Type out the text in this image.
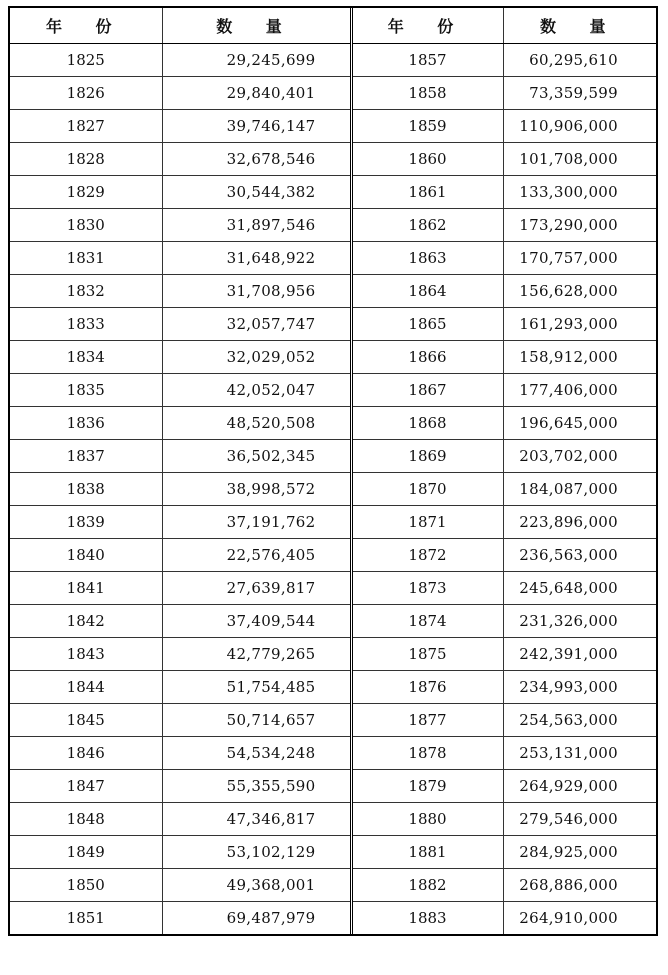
年 份	数 量	年 份	数 量
1825	29,245,699	1857	60,295,610
1826	29,840,401	1858	73,359,599
1827	39,746,147	1859	110,906,000
1828	32,678,546	1860	101,708,000
1829	30,544,382	1861	133,300,000
1830	31,897,546	1862	173,290,000
1831	31,648,922	1863	170,757,000
1832	31,708,956	1864	156,628,000
1833	32,057,747	1865	161,293,000
1834	32,029,052	1866	158,912,000
1835	42,052,047	1867	177,406,000
1836	48,520,508	1868	196,645,000
1837	36,502,345	1869	203,702,000
1838	38,998,572	1870	184,087,000
1839	37,191,762	1871	223,896,000
1840	22,576,405	1872	236,563,000
1841	27,639,817	1873	245,648,000
1842	37,409,544	1874	231,326,000
1843	42,779,265	1875	242,391,000
1844	51,754,485	1876	234,993,000
1845	50,714,657	1877	254,563,000
1846	54,534,248	1878	253,131,000
1847	55,355,590	1879	264,929,000
1848	47,346,817	1880	279,546,000
1849	53,102,129	1881	284,925,000
1850	49,368,001	1882	268,886,000
1851	69,487,979	1883	264,910,000
